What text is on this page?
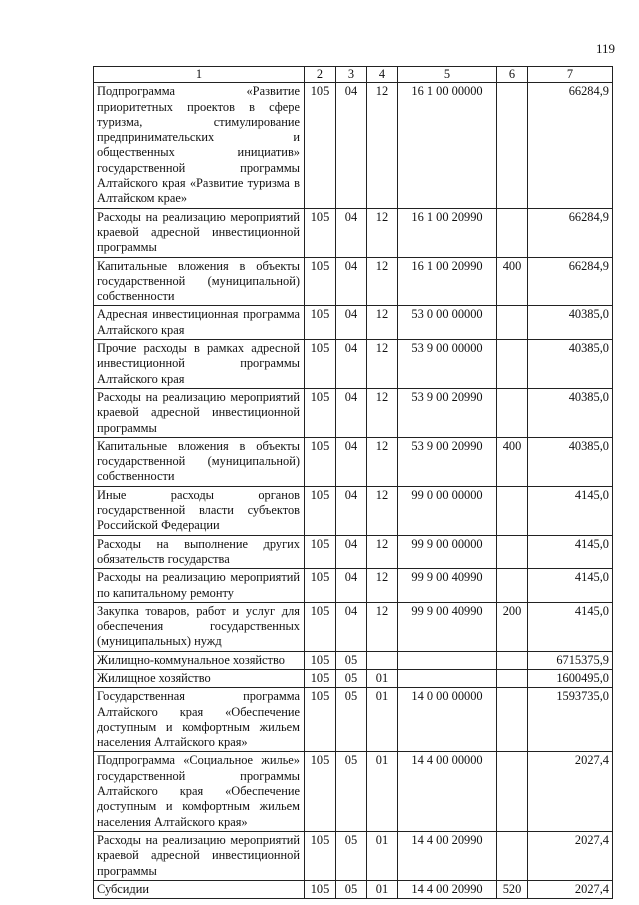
119
1	2	3	4	5	6	7
Подпрограмма «Развитие приоритетных проектов в сфере туризма, стимулирование предпринимательских и общественных инициатив» государственной программы Алтайского края «Развитие туризма в Алтайском крае»	105	04	12	16 1 00 00000		66284,9
Расходы на реализацию мероприятий краевой адресной инвестиционной программы	105	04	12	16 1 00 20990		66284,9
Капитальные вложения в объекты государственной (муниципальной) собственности	105	04	12	16 1 00 20990	400	66284,9
Адресная инвестиционная программа Алтайского края	105	04	12	53 0 00 00000		40385,0
Прочие расходы в рамках адресной инвестиционной программы Алтайского края	105	04	12	53 9 00 00000		40385,0
Расходы на реализацию мероприятий краевой адресной инвестиционной программы	105	04	12	53 9 00 20990		40385,0
Капитальные вложения в объекты государственной (муниципальной) собственности	105	04	12	53 9 00 20990	400	40385,0
Иные расходы органов государственной власти субъектов Российской Федерации	105	04	12	99 0 00 00000		4145,0
Расходы на выполнение других обязательств государства	105	04	12	99 9 00 00000		4145,0
Расходы на реализацию мероприятий по капитальному ремонту	105	04	12	99 9 00 40990		4145,0
Закупка товаров, работ и услуг для обеспечения государственных (муниципальных) нужд	105	04	12	99 9 00 40990	200	4145,0
Жилищно-коммунальное хозяйство	105	05				6715375,9
Жилищное хозяйство	105	05	01			1600495,0
Государственная программа Алтайского края «Обеспечение доступным и комфортным жильем населения Алтайского края»	105	05	01	14 0 00 00000		1593735,0
Подпрограмма «Социальное жилье» государственной программы Алтайского края «Обеспечение доступным и комфортным жильем населения Алтайского края»	105	05	01	14 4 00 00000		2027,4
Расходы на реализацию мероприятий краевой адресной инвестиционной программы	105	05	01	14 4 00 20990		2027,4
Субсидии	105	05	01	14 4 00 20990	520	2027,4
